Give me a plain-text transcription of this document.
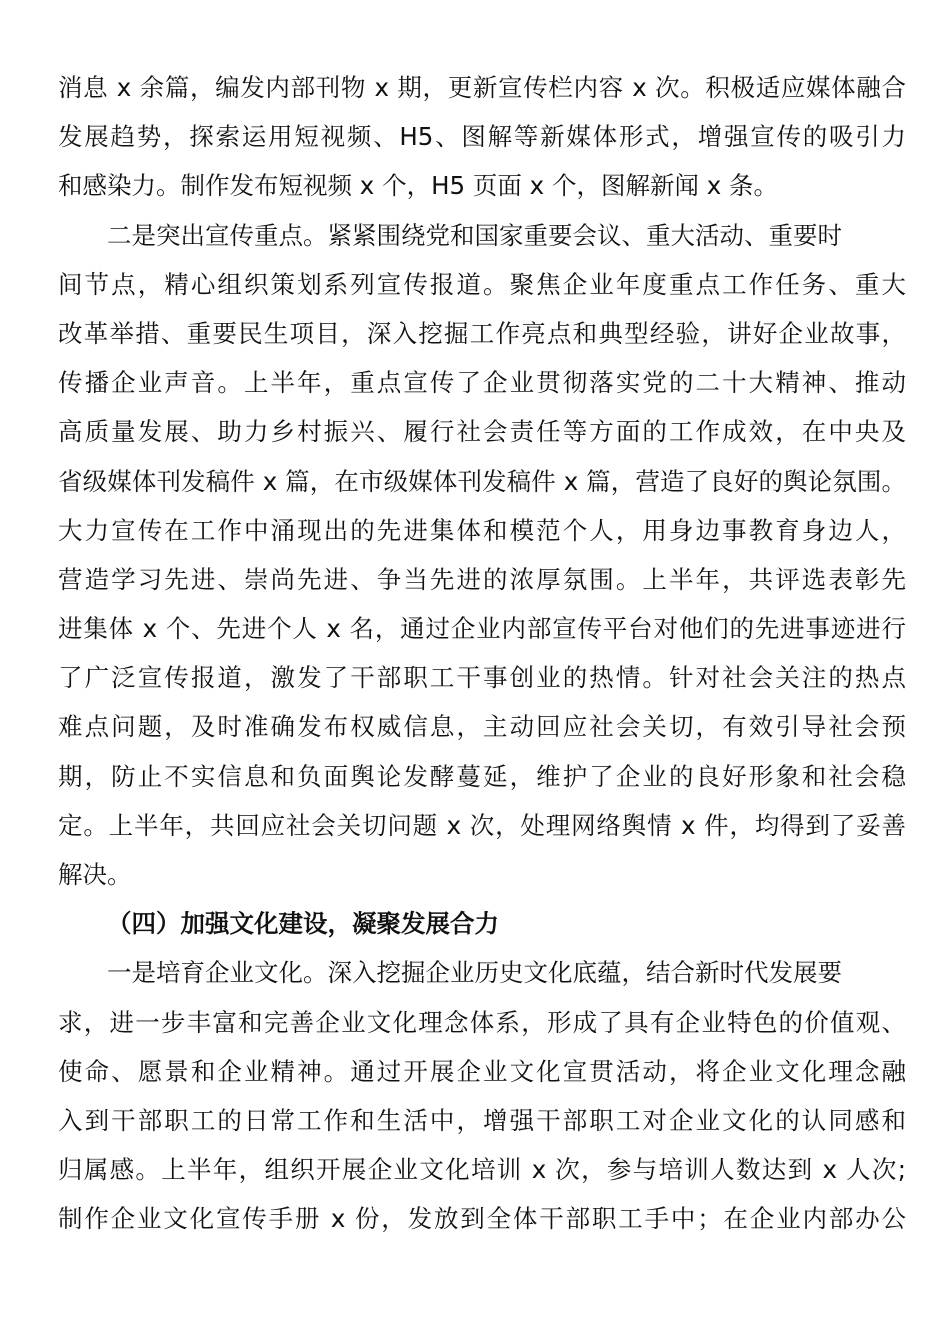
消息 x 余篇，编发内部刊物 x 期，更新宣传栏内容 x 次。积极适应媒体融合
发展趋势，探索运用短视频、H5、图解等新媒体形式，增强宣传的吸引力
和感染力。制作发布短视频 x 个，H5 页面 x 个，图解新闻 x 条。
二是突出宣传重点。紧紧围绕党和国家重要会议、重大活动、重要时
间节点，精心组织策划系列宣传报道。聚焦企业年度重点工作任务、重大
改革举措、重要民生项目，深入挖掘工作亮点和典型经验，讲好企业故事，
传播企业声音。上半年，重点宣传了企业贯彻落实党的二十大精神、推动
高质量发展、助力乡村振兴、履行社会责任等方面的工作成效，在中央及
省级媒体刊发稿件 x 篇，在市级媒体刊发稿件 x 篇，营造了良好的舆论氛围。
大力宣传在工作中涌现出的先进集体和模范个人，用身边事教育身边人，
营造学习先进、崇尚先进、争当先进的浓厚氛围。上半年，共评选表彰先
进集体 x 个、先进个人 x 名，通过企业内部宣传平台对他们的先进事迹进行
了广泛宣传报道，激发了干部职工干事创业的热情。针对社会关注的热点
难点问题，及时准确发布权威信息，主动回应社会关切，有效引导社会预
期，防止不实信息和负面舆论发酵蔓延，维护了企业的良好形象和社会稳
定。上半年，共回应社会关切问题 x 次，处理网络舆情 x 件，均得到了妥善
解决。
（四）加强文化建设，凝聚发展合力
一是培育企业文化。深入挖掘企业历史文化底蕴，结合新时代发展要
求，进一步丰富和完善企业文化理念体系，形成了具有企业特色的价值观、
使命、愿景和企业精神。通过开展企业文化宣贯活动，将企业文化理念融
入到干部职工的日常工作和生活中，增强干部职工对企业文化的认同感和
归属感。上半年，组织开展企业文化培训 x 次，参与培训人数达到 x 人次;
制作企业文化宣传手册 x 份，发放到全体干部职工手中；在企业内部办公
